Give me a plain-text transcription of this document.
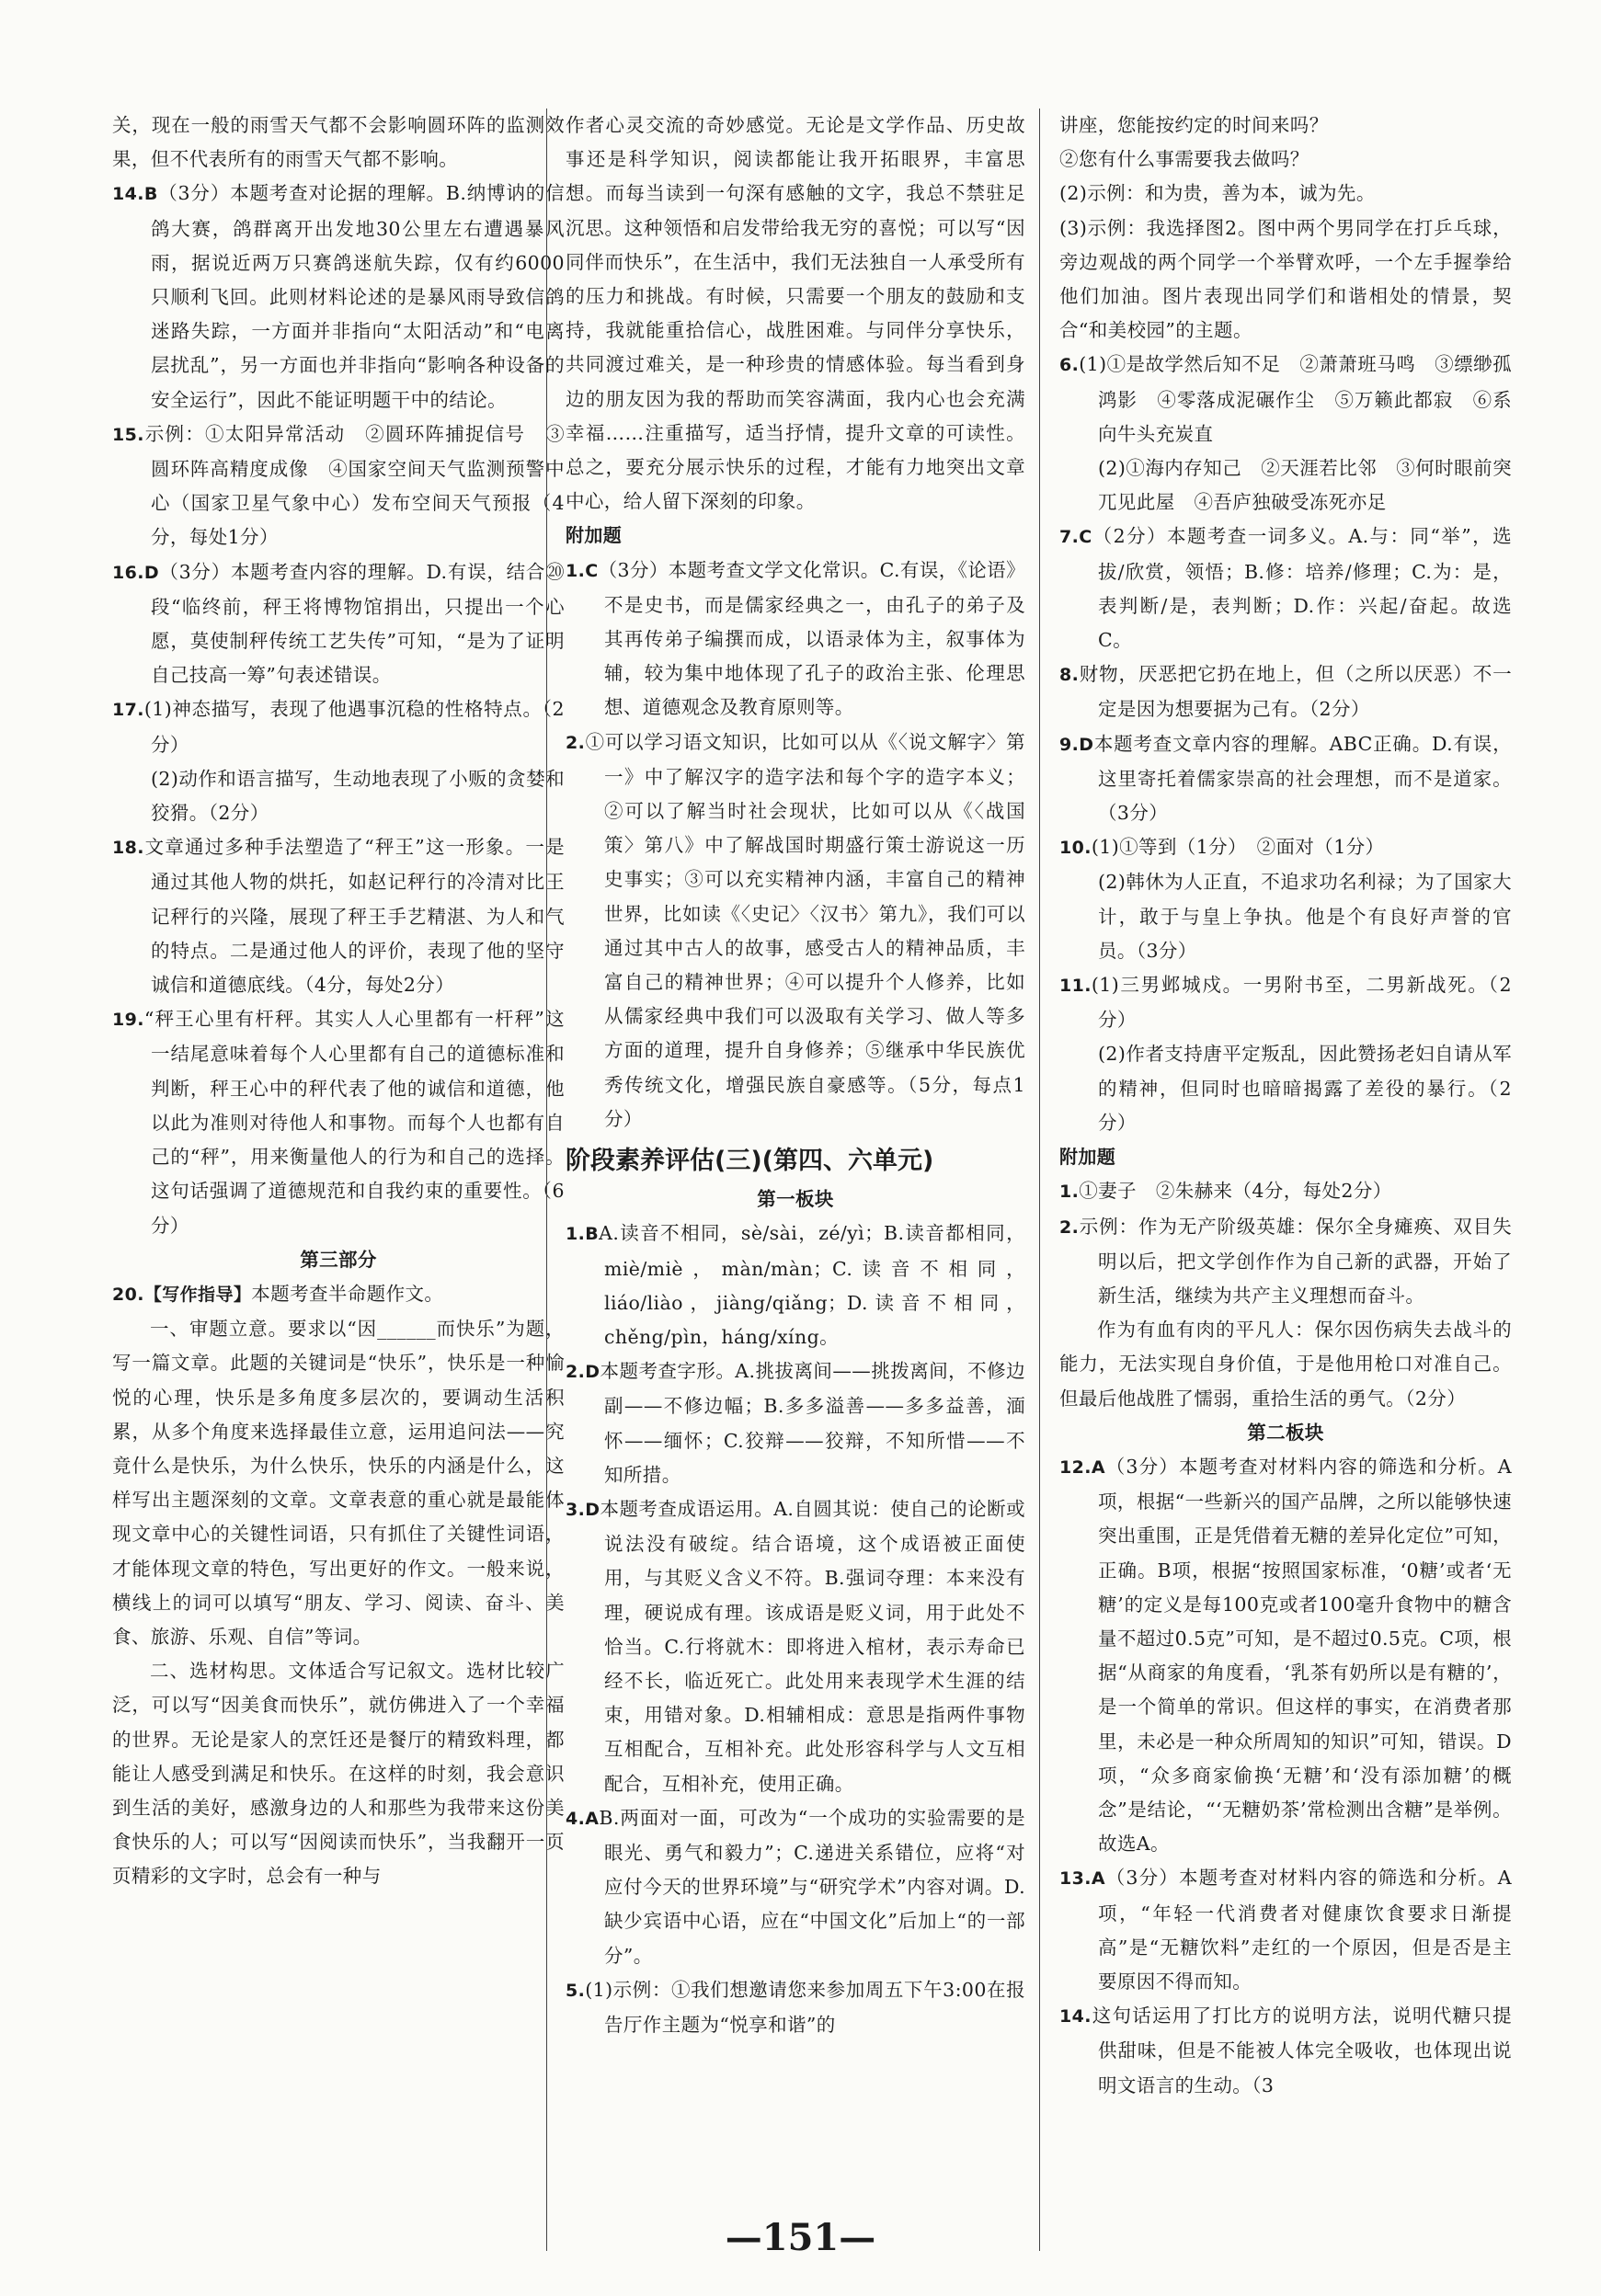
关，现在一般的雨雪天气都不会影响圆环阵的监测效果，但不代表所有的雨雪天气都不影响。

14.B（3分）本题考查对论据的理解。B.纳博讷的信鸽大赛，鸽群离开出发地30公里左右遭遇暴风雨，据说近两万只赛鸽迷航失踪，仅有约6000只顺利飞回。此则材料论述的是暴风雨导致信鸽迷路失踪，一方面并非指向“太阳活动”和“电离层扰乱”，另一方面也并非指向“影响各种设备的安全运行”，因此不能证明题干中的结论。

15.示例：①太阳异常活动　②圆环阵捕捉信号　③圆环阵高精度成像　④国家空间天气监测预警中心（国家卫星气象中心）发布空间天气预报（4分，每处1分）

16.D（3分）本题考查内容的理解。D.有误，结合⑳段“临终前，秤王将博物馆捐出，只提出一个心愿，莫使制秤传统工艺失传”可知，“是为了证明自己技高一筹”句表述错误。

17.(1)神态描写，表现了他遇事沉稳的性格特点。（2分）

(2)动作和语言描写，生动地表现了小贩的贪婪和狡猾。（2分）

18.文章通过多种手法塑造了“秤王”这一形象。一是通过其他人物的烘托，如赵记秤行的冷清对比王记秤行的兴隆，展现了秤王手艺精湛、为人和气的特点。二是通过他人的评价，表现了他的坚守诚信和道德底线。（4分，每处2分）

19.“秤王心里有杆秤。其实人人心里都有一杆秤”这一结尾意味着每个人心里都有自己的道德标准和判断，秤王心中的秤代表了他的诚信和道德，他以此为准则对待他人和事物。而每个人也都有自己的“秤”，用来衡量他人的行为和自己的选择。这句话强调了道德规范和自我约束的重要性。（6分）

第三部分

20.【写作指导】本题考查半命题作文。

一、审题立意。要求以“因______而快乐”为题，写一篇文章。此题的关键词是“快乐”，快乐是一种愉悦的心理，快乐是多角度多层次的，要调动生活积累，从多个角度来选择最佳立意，运用追问法——究竟什么是快乐，为什么快乐，快乐的内涵是什么，这样写出主题深刻的文章。文章表意的重心就是最能体现文章中心的关键性词语，只有抓住了关键性词语，才能体现文章的特色，写出更好的作文。一般来说，横线上的词可以填写“朋友、学习、阅读、奋斗、美食、旅游、乐观、自信”等词。

二、选材构思。文体适合写记叙文。选材比较广泛，可以写“因美食而快乐”，就仿佛进入了一个幸福的世界。无论是家人的烹饪还是餐厅的精致料理，都能让人感受到满足和快乐。在这样的时刻，我会意识到生活的美好，感激身边的人和那些为我带来这份美食快乐的人；可以写“因阅读而快乐”，当我翻开一页页精彩的文字时，总会有一种与

作者心灵交流的奇妙感觉。无论是文学作品、历史故事还是科学知识，阅读都能让我开拓眼界，丰富思想。而每当读到一句深有感触的文字，我总不禁驻足沉思。这种领悟和启发带给我无穷的喜悦；可以写“因同伴而快乐”，在生活中，我们无法独自一人承受所有的压力和挑战。有时候，只需要一个朋友的鼓励和支持，我就能重拾信心，战胜困难。与同伴分享快乐，共同渡过难关，是一种珍贵的情感体验。每当看到身边的朋友因为我的帮助而笑容满面，我内心也会充满幸福……注重描写，适当抒情，提升文章的可读性。总之，要充分展示快乐的过程，才能有力地突出文章中心，给人留下深刻的印象。

附加题

1.C（3分）本题考查文学文化常识。C.有误，《论语》不是史书，而是儒家经典之一，由孔子的弟子及其再传弟子编撰而成，以语录体为主，叙事体为辅，较为集中地体现了孔子的政治主张、伦理思想、道德观念及教育原则等。

2.①可以学习语文知识，比如可以从《〈说文解字〉第一》中了解汉字的造字法和每个字的造字本义；②可以了解当时社会现状，比如可以从《〈战国策〉第八》中了解战国时期盛行策士游说这一历史事实；③可以充实精神内涵，丰富自己的精神世界，比如读《〈史记〉〈汉书〉第九》，我们可以通过其中古人的故事，感受古人的精神品质，丰富自己的精神世界；④可以提升个人修养，比如从儒家经典中我们可以汲取有关学习、做人等多方面的道理，提升自身修养；⑤继承中华民族优秀传统文化，增强民族自豪感等。（5分，每点1分）

阶段素养评估(三)(第四、六单元)

第一板块

1.BA.读音不相同，sè/sài，zé/yì；B.读音都相同，miè/miè，màn/màn；C.读音不相同，liáo/liào，jiàng/qiǎng；D.读音不相同，chěng/pìn，háng/xíng。

2.D本题考查字形。A.挑拔离间——挑拨离间，不修边副——不修边幅；B.多多溢善——多多益善，湎怀——缅怀；C.狡辩——狡辩，不知所惜——不知所措。

3.D本题考查成语运用。A.自圆其说：使自己的论断或说法没有破绽。结合语境，这个成语被正面使用，与其贬义含义不符。B.强词夺理：本来没有理，硬说成有理。该成语是贬义词，用于此处不恰当。C.行将就木：即将进入棺材，表示寿命已经不长，临近死亡。此处用来表现学术生涯的结束，用错对象。D.相辅相成：意思是指两件事物互相配合，互相补充。此处形容科学与人文互相配合，互相补充，使用正确。

4.AB.两面对一面，可改为“一个成功的实验需要的是眼光、勇气和毅力”；C.递进关系错位，应将“对应付今天的世界环境”与“研究学术”内容对调。D.缺少宾语中心语，应在“中国文化”后加上“的一部分”。

5.(1)示例：①我们想邀请您来参加周五下午3:00在报告厅作主题为“悦享和谐”的

讲座，您能按约定的时间来吗？

②您有什么事需要我去做吗？

(2)示例：和为贵，善为本，诚为先。

(3)示例：我选择图2。图中两个男同学在打乒乓球，旁边观战的两个同学一个举臂欢呼，一个左手握拳给他们加油。图片表现出同学们和谐相处的情景，契合“和美校园”的主题。

6.(1)①是故学然后知不足　②萧萧班马鸣　③缥缈孤鸿影　④零落成泥碾作尘　⑤万籁此都寂　⑥系向牛头充炭直

(2)①海内存知己　②天涯若比邻　③何时眼前突兀见此屋　④吾庐独破受冻死亦足

7.C（2分）本题考查一词多义。A.与：同“举”，选拔/欣赏，领悟；B.修：培养/修理；C.为：是，表判断/是，表判断；D.作：兴起/奋起。故选C。

8.财物，厌恶把它扔在地上，但（之所以厌恶）不一定是因为想要据为己有。（2分）

9.D本题考查文章内容的理解。ABC正确。D.有误，这里寄托着儒家崇高的社会理想，而不是道家。（3分）

10.(1)①等到（1分）　②面对（1分）

(2)韩休为人正直，不追求功名利禄；为了国家大计，敢于与皇上争执。他是个有良好声誉的官员。（3分）

11.(1)三男邺城戍。一男附书至，二男新战死。（2分）

(2)作者支持唐平定叛乱，因此赞扬老妇自请从军的精神，但同时也暗暗揭露了差役的暴行。（2分）

附加题

1.①妻子　②朱赫来（4分，每处2分）

2.示例：作为无产阶级英雄：保尔全身瘫痪、双目失明以后，把文学创作作为自己新的武器，开始了新生活，继续为共产主义理想而奋斗。

作为有血有肉的平凡人：保尔因伤病失去战斗的能力，无法实现自身价值，于是他用枪口对准自己。但最后他战胜了懦弱，重拾生活的勇气。（2分）

第二板块

12.A（3分）本题考查对材料内容的筛选和分析。A项，根据“一些新兴的国产品牌，之所以能够快速突出重围，正是凭借着无糖的差异化定位”可知，正确。B项，根据“按照国家标准，‘0糖’或者‘无糖’的定义是每100克或者100毫升食物中的糖含量不超过0.5克”可知，是不超过0.5克。C项，根据“从商家的角度看，‘乳茶有奶所以是有糖的’，是一个简单的常识。但这样的事实，在消费者那里，未必是一种众所周知的知识”可知，错误。D项，“众多商家偷换‘无糖’和‘没有添加糖’的概念”是结论，“‘无糖奶茶’常检测出含糖”是举例。故选A。

13.A（3分）本题考查对材料内容的筛选和分析。A项，“年轻一代消费者对健康饮食要求日渐提高”是“无糖饮料”走红的一个原因，但是否是主要原因不得而知。

14.这句话运用了打比方的说明方法，说明代糖只提供甜味，但是不能被人体完全吸收，也体现出说明文语言的生动。（3

—151—
